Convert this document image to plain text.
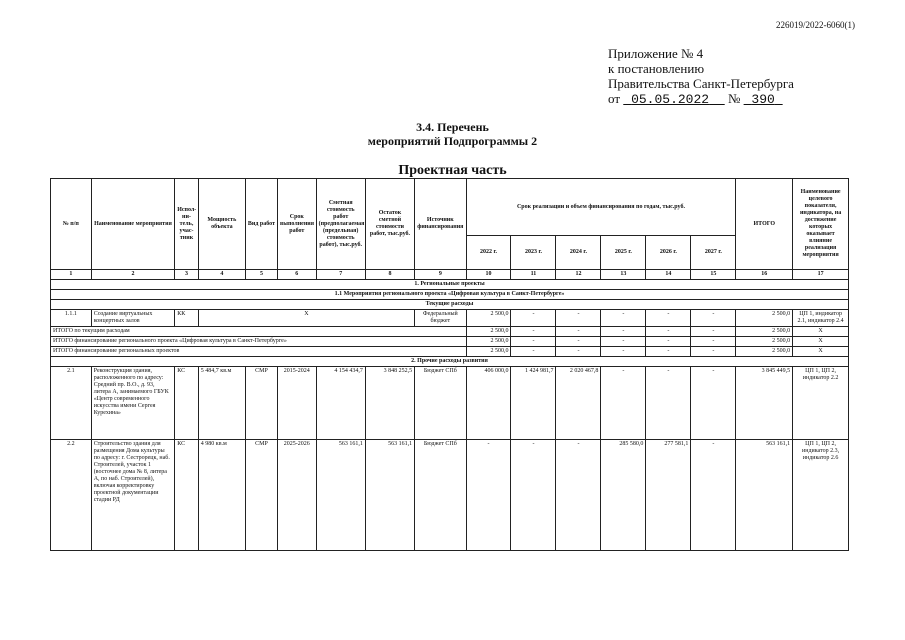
226019/2022-6060(1)
Приложение № 4
к постановлению
Правительства Санкт-Петербурга
от 05.05.2022 № 390
3.4. Перечень
мероприятий Подпрограммы 2
Проектная часть
№ п/п	Наименование мероприятия	Испол-ни-тель, учас-тник	Мощность объекта	Вид работ	Срок выполнения работ	Сметная стоимость работ (предполагаемая (предельная) стоимость работ), тыс.руб.	Остаток сметной стоимости работ, тыс.руб.	Источник финансирования	Срок реализации и объем финансирования по годам, тыс.руб.						ИТОГО	Наименование целевого показателя, индикатора, на достижение которых оказывает влияние реализация мероприятия
									2022 г.	2023 г.	2024 г.	2025 г.	2026 г.	2027 г.		
1	2	3	4	5	6	7	8	9	10	11	12	13	14	15	16	17
1. Региональные проекты																
1.1 Мероприятия регионального проекта «Цифровая культура в Санкт-Петербурге»																
Текущие расходы																
1.1.1	Создание виртуальных концертных залов	КК	Х					Федеральный бюджет	2 500,0	-	-	-	-	-	2 500,0	ЦП 1, индикатор 2.1, индикатор 2.4
ИТОГО по текущим расходам									2 500,0	-	-	-	-	-	2 500,0	Х
ИТОГО финансирование регионального проекта «Цифровая культура в Санкт-Петербурге»									2 500,0	-	-	-	-	-	2 500,0	Х
ИТОГО финансирование региональных проектов									2 500,0	-	-	-	-	-	2 500,0	Х
2. Прочие расходы развития																
2.1	Реконструкция здания, расположенного по адресу: Средний пр. В.О., д. 93, литера А, занимаемого ГБУК «Центр современного искусства имени Сергея Курехина»	КС	5 484,7 кв.м	СМР	2015-2024	4 154 434,7	3 848 252,5	Бюджет СПб	406 000,0	1 424 981,7	2 020 467,8	-	-	-	3 845 449,5	ЦП 1, ЦП 2, индикатор 2.2
2.2	Строительство здания для размещения Дома культуры по адресу: г. Сестрорецк, наб. Строителей, участок 1 (восточнее дома № 8, литера А, по наб. Строителей), включая корректировку проектной документации стадии РД	КС	4 980 кв.м	СМР	2025-2026	563 161,1	563 161,1	Бюджет СПб	-	-	-	285 580,0	277 581,1	-	563 161,1	ЦП 1, ЦП 2, индикатор 2.3, индикатор 2.6
